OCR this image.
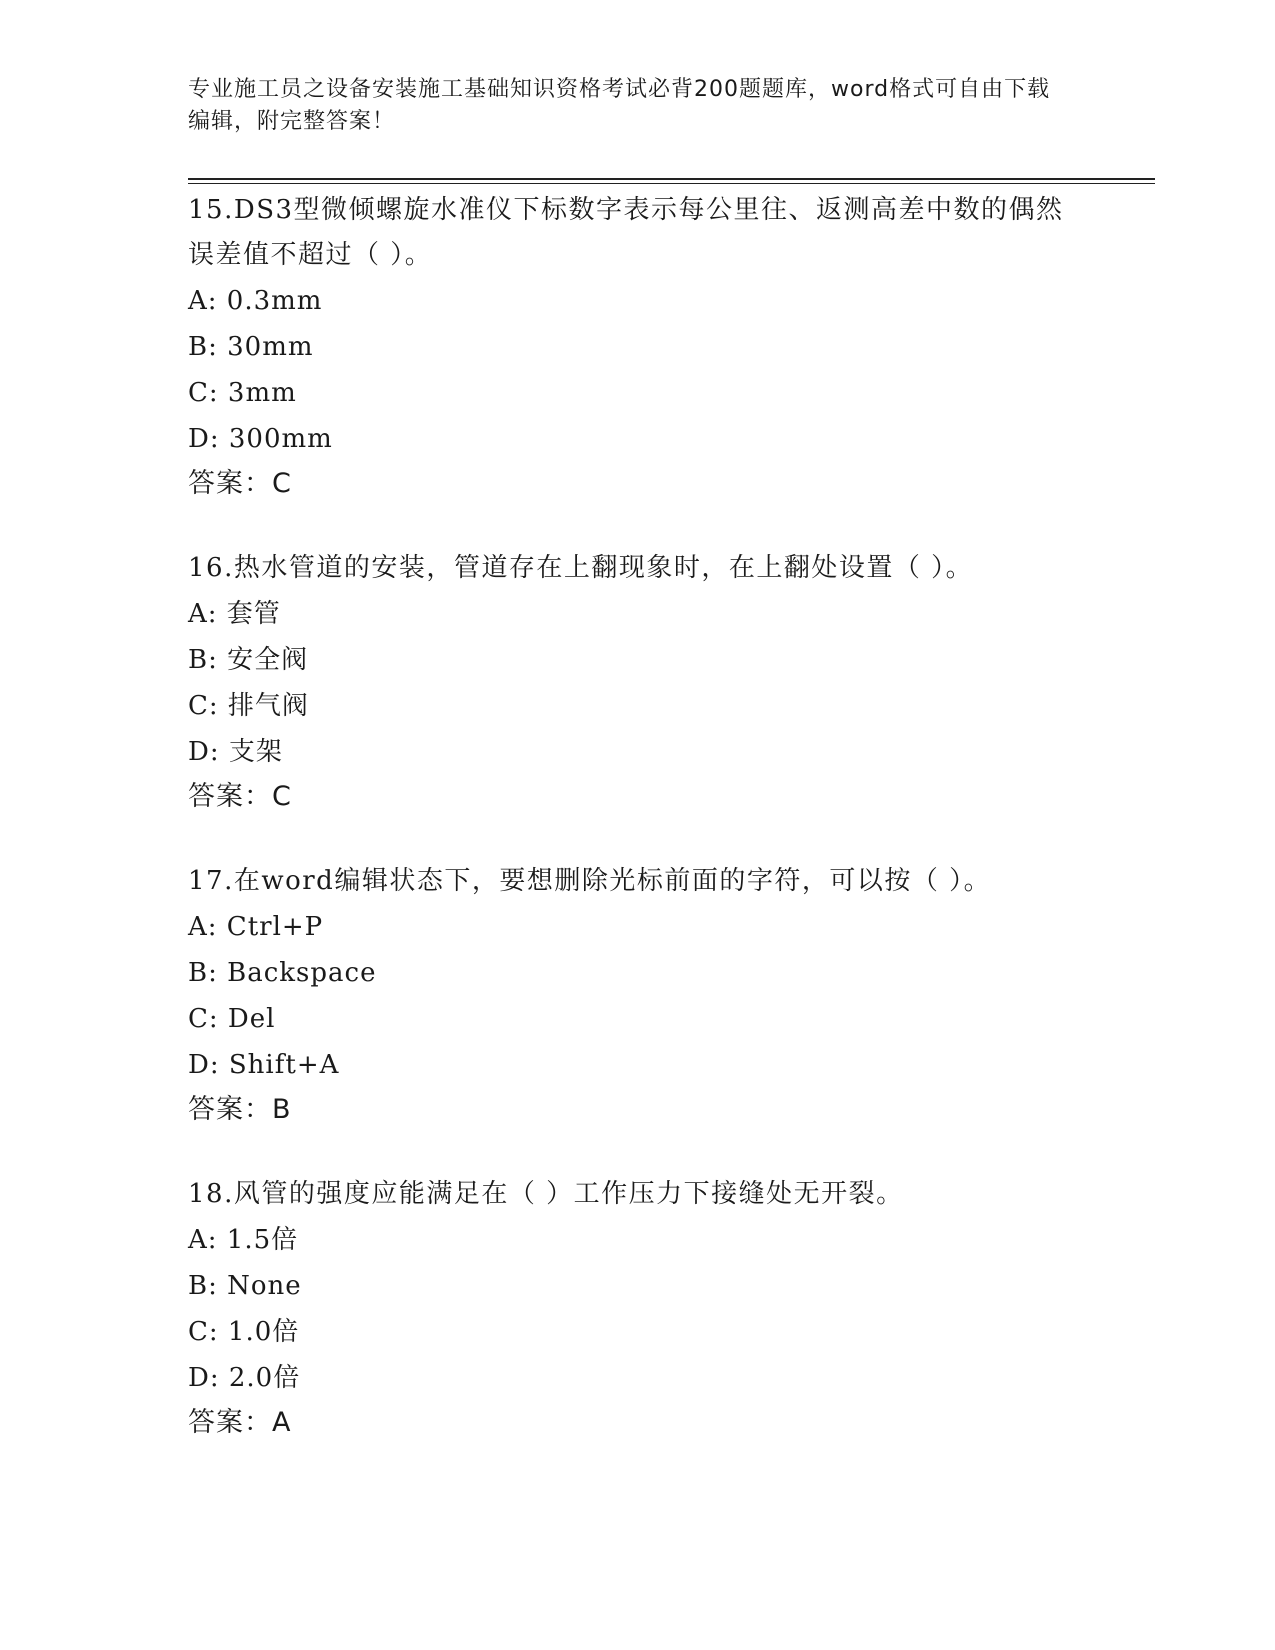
专业施工员之设备安装施工基础知识资格考试必背200题题库，word格式可自由下载编辑，附完整答案！
15.DS3型微倾螺旋水准仪下标数字表示每公里往、返测高差中数的偶然误差值不超过（ ）。
A: 0.3mm
B: 30mm
C: 3mm
D: 300mm
答案：C
16.热水管道的安装，管道存在上翻现象时，在上翻处设置（ ）。
A: 套管
B: 安全阀
C: 排气阀
D: 支架
答案：C
17.在word编辑状态下，要想删除光标前面的字符，可以按（ ）。
A: Ctrl+P
B: Backspace
C: Del
D: Shift+A
答案：B
18.风管的强度应能满足在（ ）工作压力下接缝处无开裂。
A: 1.5倍
B: None
C: 1.0倍
D: 2.0倍
答案：A
